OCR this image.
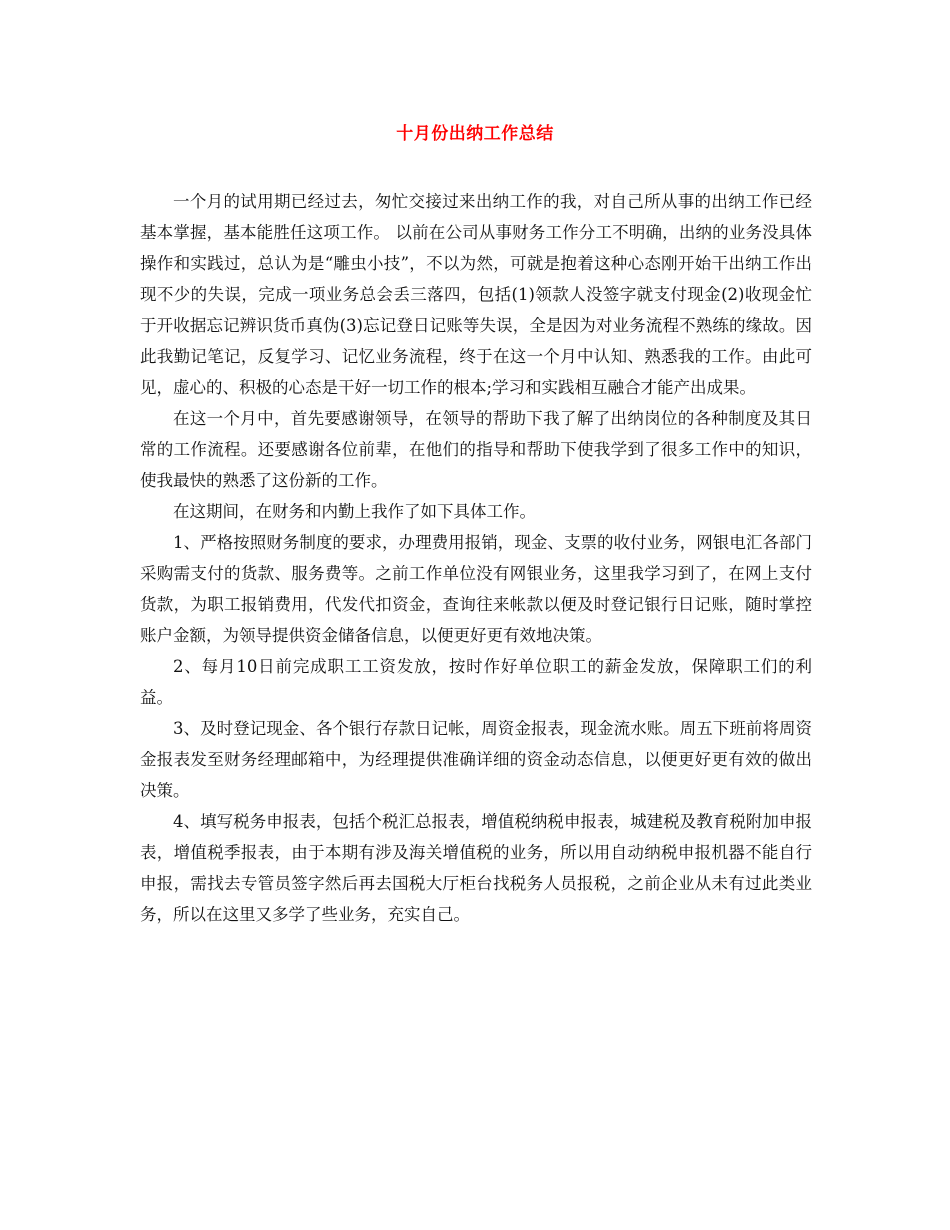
十月份出纳工作总结

一个月的试用期已经过去，匆忙交接过来出纳工作的我，对自己所从事的出纳工作已经基本掌握，基本能胜任这项工作。 以前在公司从事财务工作分工不明确，出纳的业务没具体操作和实践过，总认为是“雕虫小技”，不以为然，可就是抱着这种心态刚开始干出纳工作出现不少的失误，完成一项业务总会丢三落四，包括(1)领款人没签字就支付现金(2)收现金忙于开收据忘记辨识货币真伪(3)忘记登日记账等失误，全是因为对业务流程不熟练的缘故。因此我勤记笔记，反复学习、记忆业务流程，终于在这一个月中认知、熟悉我的工作。由此可见，虚心的、积极的心态是干好一切工作的根本;学习和实践相互融合才能产出成果。

在这一个月中，首先要感谢领导，在领导的帮助下我了解了出纳岗位的各种制度及其日常的工作流程。还要感谢各位前辈，在他们的指导和帮助下使我学到了很多工作中的知识，使我最快的熟悉了这份新的工作。

在这期间，在财务和内勤上我作了如下具体工作。

1、严格按照财务制度的要求，办理费用报销，现金、支票的收付业务，网银电汇各部门采购需支付的货款、服务费等。之前工作单位没有网银业务，这里我学习到了，在网上支付货款，为职工报销费用，代发代扣资金，查询往来帐款以便及时登记银行日记账，随时掌控账户金额，为领导提供资金储备信息，以便更好更有效地决策。

2、每月10日前完成职工工资发放，按时作好单位职工的薪金发放，保障职工们的利益。

3、及时登记现金、各个银行存款日记帐，周资金报表，现金流水账。周五下班前将周资金报表发至财务经理邮箱中，为经理提供准确详细的资金动态信息，以便更好更有效的做出决策。

4、填写税务申报表，包括个税汇总报表，增值税纳税申报表，城建税及教育税附加申报表，增值税季报表，由于本期有涉及海关增值税的业务，所以用自动纳税申报机器不能自行申报，需找去专管员签字然后再去国税大厅柜台找税务人员报税，之前企业从未有过此类业务，所以在这里又多学了些业务，充实自己。
